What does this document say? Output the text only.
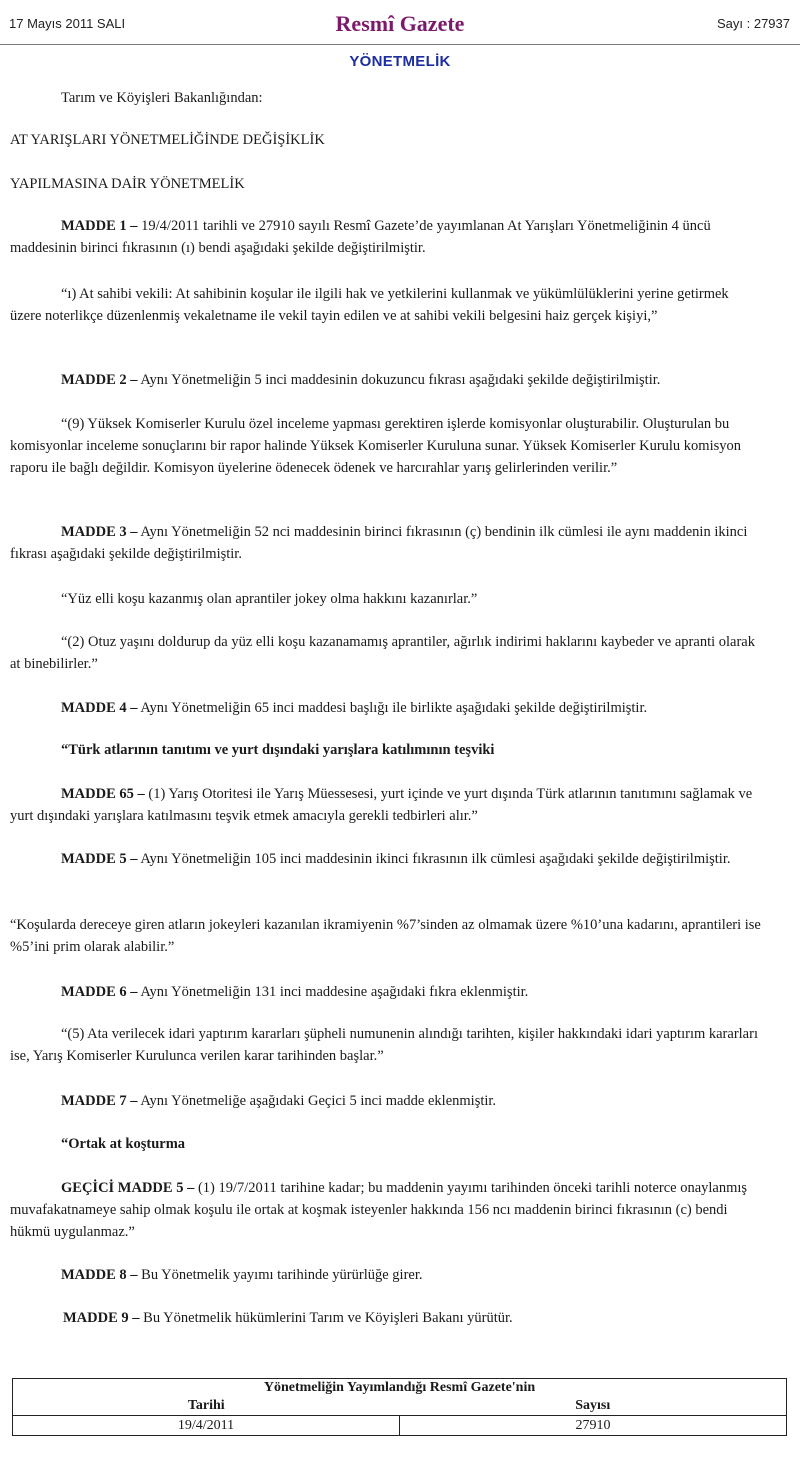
17 Mayıs 2011 SALI	Resmî Gazete	Sayı : 27937
YÖNETMELİK

Tarım ve Köyişleri Bakanlığından:

AT YARIŞLARI YÖNETMELİĞİNDE DEĞİŞİKLİK

YAPILMASINA DAİR YÖNETMELİK

MADDE 1 – 19/4/2011 tarihli ve 27910 sayılı Resmî Gazete’de yayımlanan At Yarışları Yönetmeliğinin 4 üncü maddesinin birinci fıkrasının (ı) bendi aşağıdaki şekilde değiştirilmiştir.

“ı) At sahibi vekili: At sahibinin koşular ile ilgili hak ve yetkilerini kullanmak ve yükümlülüklerini yerine getirmek üzere noterlikçe düzenlenmiş vekaletname ile vekil tayin edilen ve at sahibi vekili belgesini haiz gerçek kişiyi,”

MADDE 2 – Aynı Yönetmeliğin 5 inci maddesinin dokuzuncu fıkrası aşağıdaki şekilde değiştirilmiştir.

“(9) Yüksek Komiserler Kurulu özel inceleme yapması gerektiren işlerde komisyonlar oluşturabilir. Oluşturulan bu komisyonlar inceleme sonuçlarını bir rapor halinde Yüksek Komiserler Kuruluna sunar. Yüksek Komiserler Kurulu komisyon raporu ile bağlı değildir. Komisyon üyelerine ödenecek ödenek ve harcırahlar yarış gelirlerinden verilir.”

MADDE 3 – Aynı Yönetmeliğin 52 nci maddesinin birinci fıkrasının (ç) bendinin ilk cümlesi ile aynı maddenin ikinci fıkrası aşağıdaki şekilde değiştirilmiştir.

“Yüz elli koşu kazanmış olan aprantiler jokey olma hakkını kazanırlar.”

“(2) Otuz yaşını doldurup da yüz elli koşu kazanamamış aprantiler, ağırlık indirimi haklarını kaybeder ve apranti olarak at binebilirler.”

MADDE 4 – Aynı Yönetmeliğin 65 inci maddesi başlığı ile birlikte aşağıdaki şekilde değiştirilmiştir.

“Türk atlarının tanıtımı ve yurt dışındaki yarışlara katılımının teşviki

MADDE 65 – (1) Yarış Otoritesi ile Yarış Müessesesi, yurt içinde ve yurt dışında Türk atlarının tanıtımını sağlamak ve yurt dışındaki yarışlara katılmasını teşvik etmek amacıyla gerekli tedbirleri alır.”

MADDE 5 – Aynı Yönetmeliğin 105 inci maddesinin ikinci fıkrasının ilk cümlesi aşağıdaki şekilde değiştirilmiştir.

“Koşularda dereceye giren atların jokeyleri kazanılan ikramiyenin %7’sinden az olmamak üzere %10’una kadarını, aprantileri ise %5’ini prim olarak alabilir.”

MADDE 6 – Aynı Yönetmeliğin 131 inci maddesine aşağıdaki fıkra eklenmiştir.

“(5) Ata verilecek idari yaptırım kararları şüpheli numunenin alındığı tarihten, kişiler hakkındaki idari yaptırım kararları ise, Yarış Komiserler Kurulunca verilen karar tarihinden başlar.”

MADDE 7 – Aynı Yönetmeliğe aşağıdaki Geçici 5 inci madde eklenmiştir.

“Ortak at koşturma

GEÇİCİ MADDE 5 – (1) 19/7/2011 tarihine kadar; bu maddenin yayımı tarihinden önceki tarihli noterce onaylanmış muvafakatnameye sahip olmak koşulu ile ortak at koşmak isteyenler hakkında 156 ncı maddenin birinci fıkrasının (c) bendi hükmü uygulanmaz.”

MADDE 8 – Bu Yönetmelik yayımı tarihinde yürürlüğe girer.

MADDE 9 – Bu Yönetmelik hükümlerini Tarım ve Köyişleri Bakanı yürütür.

Yönetmeliğin Yayımlandığı Resmî Gazete'nin	
Tarihi	Sayısı
19/4/2011	27910
